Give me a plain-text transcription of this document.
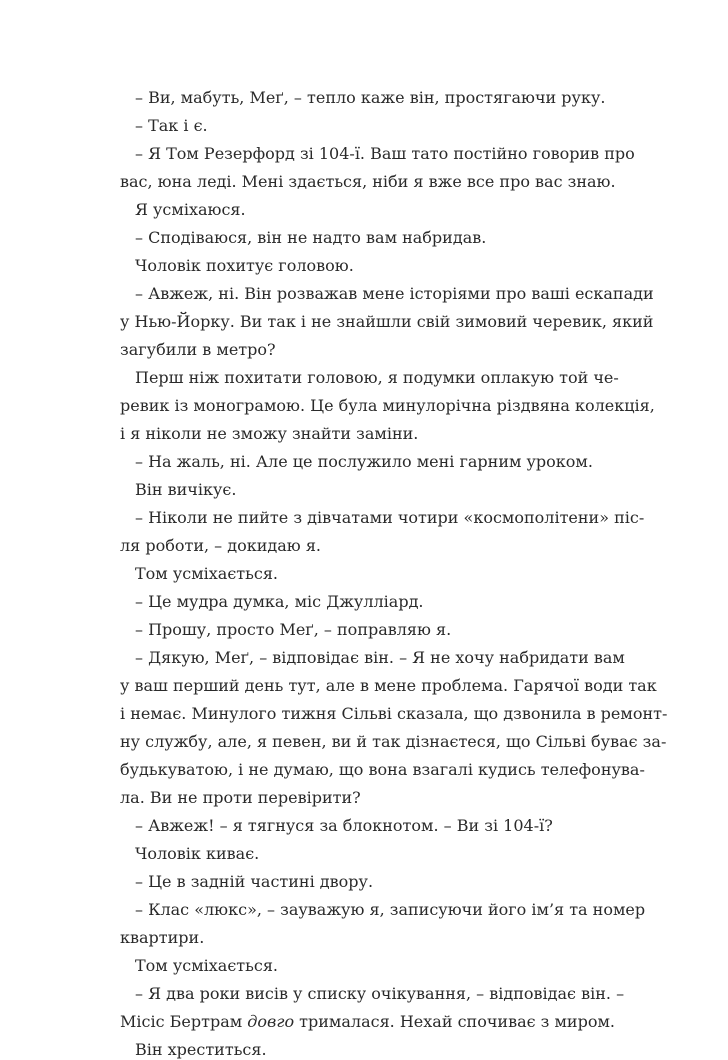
– Ви, мабуть, Меґ, – тепло каже він, простягаючи руку.
– Так і є.
– Я Том Резерфорд зі 104-ї. Ваш тато постійно говорив про
вас, юна леді. Мені здається, ніби я вже все про вас знаю.
Я усміхаюся.
– Сподіваюся, він не надто вам набридав.
Чоловік похитує головою.
– Авжеж, ні. Він розважав мене історіями про ваші ескапади
у Нью-Йорку. Ви так і не знайшли свій зимовий черевик, який
загубили в метро?
Перш ніж похитати головою, я подумки оплакую той че-
ревик із монограмою. Це була минулорічна різдвяна колекція,
і я ніколи не зможу знайти заміни.
– На жаль, ні. Але це послужило мені гарним уроком.
Він вичікує.
– Ніколи не пийте з дівчатами чотири «космополітени» піс-
ля роботи, – докидаю я.
Том усміхається.
– Це мудра думка, міс Джулліард.
– Прошу, просто Меґ, – поправляю я.
– Дякую, Меґ, – відповідає він. – Я не хочу набридати вам
у ваш перший день тут, але в мене проблема. Гарячої води так
і немає. Минулого тижня Сільві сказала, що дзвонила в ремонт-
ну службу, але, я певен, ви й так дізнаєтеся, що Сільві буває за-
будькуватою, і не думаю, що вона взагалі кудись телефонува-
ла. Ви не проти перевірити?
– Авжеж! – я тягнуся за блокнотом. – Ви зі 104-ї?
Чоловік киває.
– Це в задній частині двору.
– Клас «люкс», – зауважую я, записуючи його ім’я та номер
квартири.
Том усміхається.
– Я два роки висів у списку очікування, – відповідає він. –
Місіс Бертрам довго трималася. Нехай спочиває з миром.
Він хреститься.
